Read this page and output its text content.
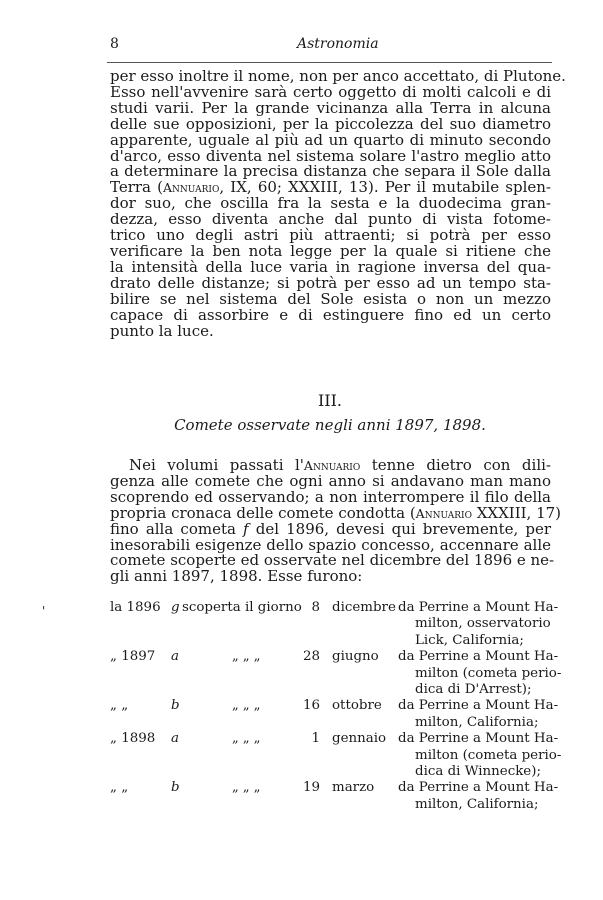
8	Astronomia
'

per esso inoltre il nome, non per anco accettato, di Plutone.
Esso nell'avvenire sarà certo oggetto di molti calcoli e di
studi varii. Per la grande vicinanza alla Terra in alcuna
delle sue opposizioni, per la piccolezza del suo diametro
apparente, uguale al più ad un quarto di minuto secondo
d'arco, esso diventa nel sistema solare l'astro meglio atto
a determinare la precisa distanza che separa il Sole dalla
Terra (Annuario, IX, 60; XXXIII, 13). Per il mutabile splen-
dor suo, che oscilla fra la sesta e la duodecima gran-
dezza, esso diventa anche dal punto di vista fotome-
trico uno degli astri più attraenti; si potrà per esso
verificare la ben nota legge per la quale si ritiene che
la intensità della luce varia in ragione inversa del qua-
drato delle distanze; si potrà per esso ad un tempo sta-
bilire se nel sistema del Sole esista o non un mezzo
capace di assorbire e di estinguere fino ed un certo
punto la luce.

III.
Comete osservate negli anni 1897, 1898.

Nei volumi passati l'Annuario tenne dietro con dili-
genza alle comete che ogni anno si andavano man mano
scoprendo ed osservando; a non interrompere il filo della
propria cronaca delle comete condotta (Annuario XXXIII, 17)
fino alla cometa f del 1896, devesi qui brevemente, per
inesorabili esigenze dello spazio concesso, accennare alle
comete scoperte ed osservate nel dicembre del 1896 e ne-
gli anni 1897, 1898. Esse furono:

la 1896 g scoperta il giorno 8 dicembre da Perrine a Mount Ha-
milton, osservatorio
Lick, California;
„ 1897 a	„ „ „	28 giugno da Perrine a Mount Ha-
milton (cometa perio-
dica di D'Arrest);
„ „	b	„ „ „	16 ottobre da Perrine a Mount Ha-
milton, California;
„ 1898 a	„ „ „	1 gennaio da Perrine a Mount Ha-
milton (cometa perio-
dica di Winnecke);
„ „	b	„ „ „	19 marzo da Perrine a Mount Ha-
milton, California;
